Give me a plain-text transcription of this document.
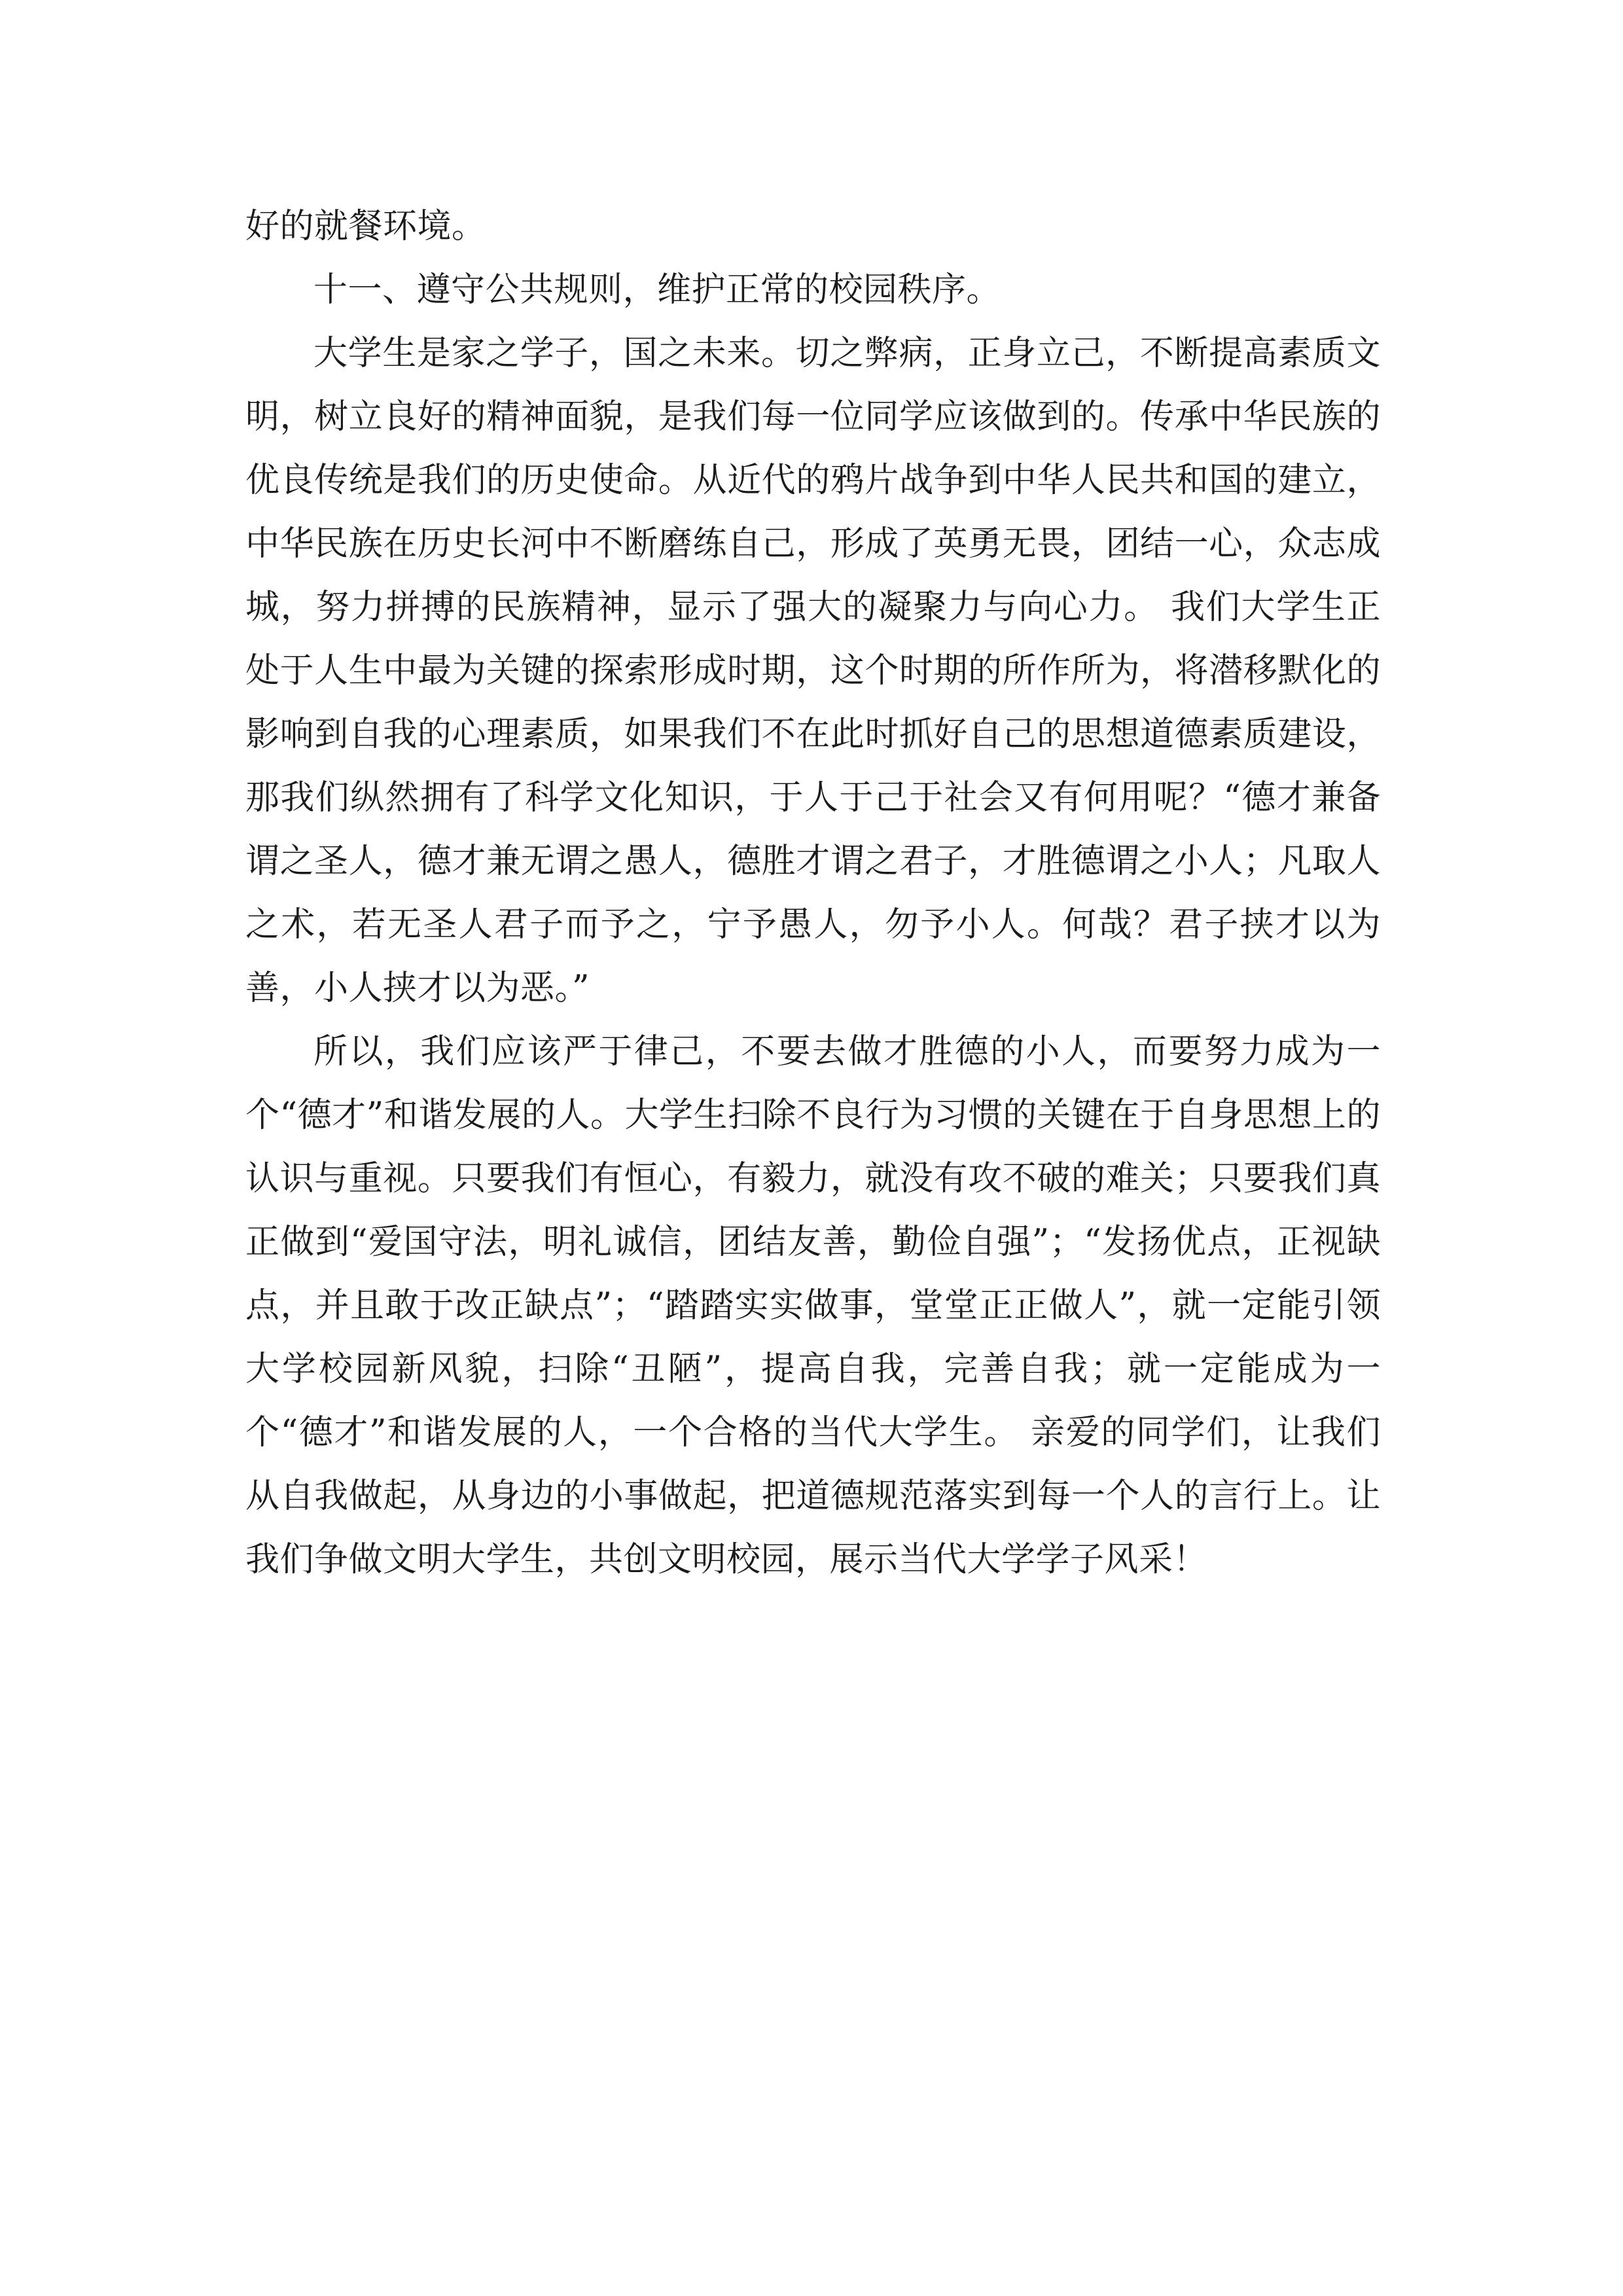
好的就餐环境。

十一、遵守公共规则，维护正常的校园秩序。

大学生是家之学子，国之未来。切之弊病，正身立己，不断提高素质文明，树立良好的精神面貌，是我们每一位同学应该做到的。传承中华民族的优良传统是我们的历史使命。从近代的鸦片战争到中华人民共和国的建立，中华民族在历史长河中不断磨练自己，形成了英勇无畏，团结一心，众志成城，努力拼搏的民族精神，显示了强大的凝聚力与向心力。 我们大学生正处于人生中最为关键的探索形成时期，这个时期的所作所为，将潜移默化的影响到自我的心理素质，如果我们不在此时抓好自己的思想道德素质建设，那我们纵然拥有了科学文化知识，于人于己于社会又有何用呢？“德才兼备谓之圣人，德才兼无谓之愚人，德胜才谓之君子，才胜德谓之小人；凡取人之术，若无圣人君子而予之，宁予愚人，勿予小人。何哉？君子挟才以为善，小人挟才以为恶。”

所以，我们应该严于律己，不要去做才胜德的小人，而要努力成为一个“德才”和谐发展的人。大学生扫除不良行为习惯的关键在于自身思想上的认识与重视。只要我们有恒心，有毅力，就没有攻不破的难关；只要我们真正做到“爱国守法，明礼诚信，团结友善，勤俭自强”；“发扬优点，正视缺点，并且敢于改正缺点”；“踏踏实实做事，堂堂正正做人”，就一定能引领大学校园新风貌，扫除“丑陋”，提高自我，完善自我；就一定能成为一个“德才”和谐发展的人，一个合格的当代大学生。 亲爱的同学们，让我们从自我做起，从身边的小事做起，把道德规范落实到每一个人的言行上。让我们争做文明大学生，共创文明校园，展示当代大学学子风采！
